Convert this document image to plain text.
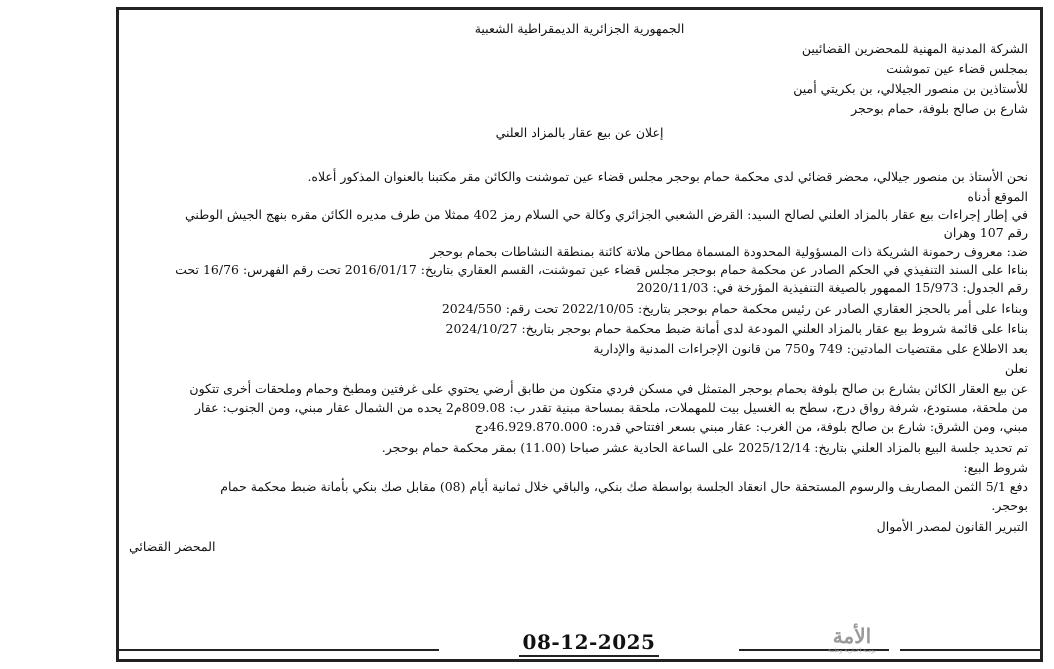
الجمهورية الجزائرية الديمقراطية الشعبية
الشركة المدنية المهنية للمحضرين القضائيين
بمجلس قضاء عين تموشنت
للأستاذين بن منصور الجيلالي، بن بكريتي أمين
شارع بن صالح بلوفة، حمام بوحجر
إعلان عن بيع عقار بالمزاد العلني
نحن الأستاذ بن منصور جيلالي، محضر قضائي لدى محكمة حمام بوحجر مجلس قضاء عين تموشنت والكائن مقر مكتبنا بالعنوان المذكور أعلاه.
الموقع أدناه
في إطار إجراءات بيع عقار بالمزاد العلني لصالح السيد: القرض الشعبي الجزائري وكالة حي السلام رمز 402 ممثلا من طرف مديره الكائن مقره بنهج الجيش الوطني
رقم 107 وهران
ضد: معروف رحمونة الشريكة ذات المسؤولية المحدودة المسماة مطاحن ملاتة كائنة بمنطقة النشاطات بحمام بوحجر
بناءا على السند التنفيذي في الحكم الصادر عن محكمة حمام بوحجر مجلس قضاء عين تموشنت، القسم العقاري بتاريخ: 2016/01/17 تحت رقم الفهرس: 16/76 تحت
رقم الجدول: 15/973 الممهور بالصيغة التنفيذية المؤرخة في: 2020/11/03
وبناءا على أمر بالحجز العقاري الصادر عن رئيس محكمة حمام بوحجر بتاريخ: 2022/10/05 تحت رقم: 2024/550
بناءا على قائمة شروط بيع عقار بالمزاد العلني المودعة لدى أمانة ضبط محكمة حمام بوحجر بتاريخ: 2024/10/27
بعد الاطلاع على مقتضيات المادتين: 749 و750 من قانون الإجراءات المدنية والإدارية
نعلن
عن بيع العقار الكائن بشارع بن صالح بلوفة بحمام بوحجر المتمثل في مسكن فردي متكون من طابق أرضي يحتوي على غرفتين ومطبخ وحمام وملحقات أخرى تتكون
من ملحقة، مستودع، شرفة رواق درج، سطح به الغسيل بيت للمهملات، ملحقة بمساحة مبنية تقدر ب: 809.08م2 يحده من الشمال عقار مبني، ومن الجنوب: عقار
مبني، ومن الشرق: شارع بن صالح بلوفة، من الغرب: عقار مبني بسعر افتتاحي قدره: 46.929.870.000دج
تم تحديد جلسة البيع بالمزاد العلني بتاريخ: 2025/12/14 على الساعة الحادية عشر صباحا (11.00) بمقر محكمة حمام بوحجر.
شروط البيع:
دفع 5/1 الثمن المصاريف والرسوم المستحقة حال انعقاد الجلسة بواسطة صك بنكي، والباقي خلال ثمانية أيام (08) مقابل صك بنكي بأمانة ضبط محكمة حمام
بوحجر.
التبرير القانون لمصدر الأموال
المحضر القضائي
08-12-2025	الأمة
يومية إخبارية وطنية
